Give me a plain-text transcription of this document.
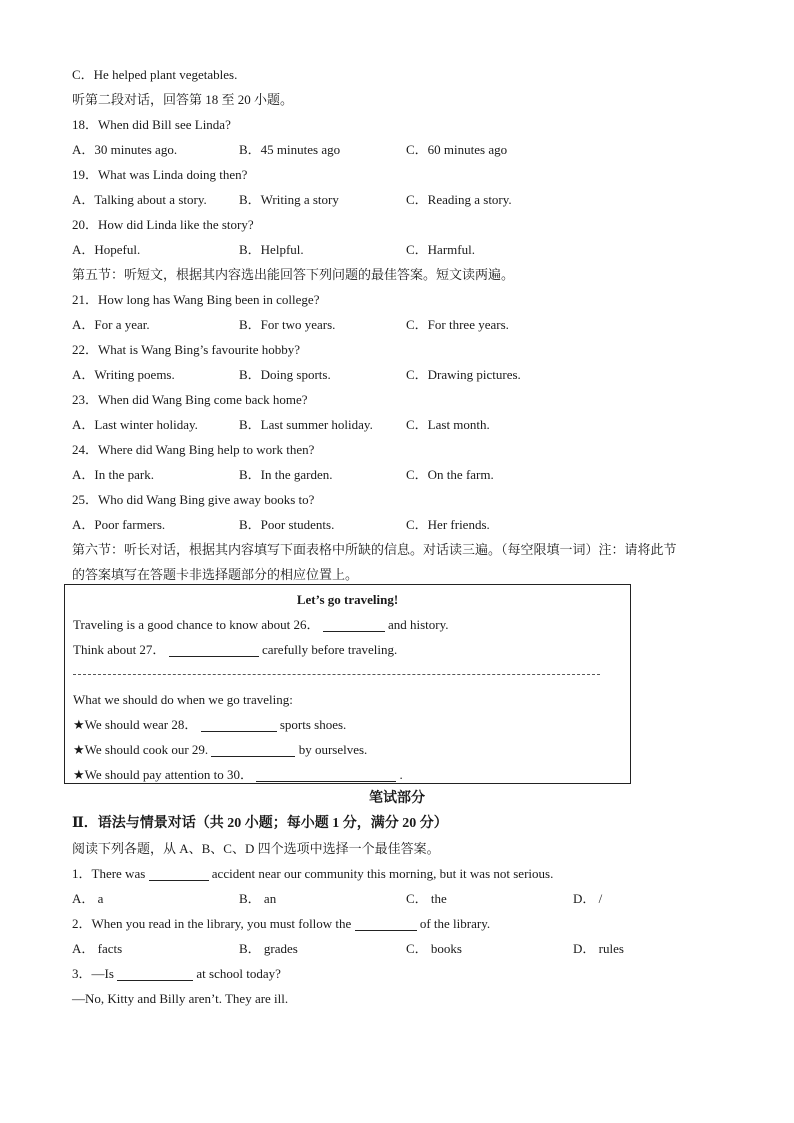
C．He helped plant vegetables.
听第二段对话，回答第 18 至 20 小题。
18．When did Bill see Linda?
A．30 minutes ago.	B．45 minutes ago	C．60 minutes ago
19．What was Linda doing then?
A．Talking about a story.	B．Writing a story	C．Reading a story.
20．How did Linda like the story?
A．Hopeful.	B．Helpful.	C．Harmful.
第五节：听短文，根据其内容选出能回答下列问题的最佳答案。短文读两遍。
21．How long has Wang Bing been in college?
A．For a year.	B．For two years.	C．For three years.
22．What is Wang Bing’s favourite hobby?
A．Writing poems.	B．Doing sports.	C．Drawing pictures.
23．When did Wang Bing come back home?
A．Last winter holiday.	B．Last summer holiday.	C．Last month.
24．Where did Wang Bing help to work then?
A．In the park.	B．In the garden.	C．On the farm.
25．Who did Wang Bing give away books to?
A．Poor farmers.	B．Poor students.	C．Her friends.
第六节：听长对话，根据其内容填写下面表格中所缺的信息。对话读三遍。（每空限填一词）注：请将此节
的答案填写在答题卡非选择题部分的相应位置上。
Let’s go traveling!
Traveling is a good chance to know about 26．	and history.
Think about 27．	carefully before traveling.
What we should do when we go traveling:
★We should wear 28．	sports shoes.
★We should cook our 29.	by ourselves.
★We should pay attention to 30．	.
笔试部分
Ⅱ．语法与情景对话（共 20 小题；每小题 1 分，满分 20 分）
阅读下列各题，从 A、B、C、D 四个选项中选择一个最佳答案。
1．There was	accident near our community this morning, but it was not serious.
A． a	B． an	C． the	D． /
2．When you read in the library, you must follow the	of the library.
A． facts	B． grades	C． books	D． rules
3．—Is	at school today?
—No, Kitty and Billy aren’t. They are ill.
